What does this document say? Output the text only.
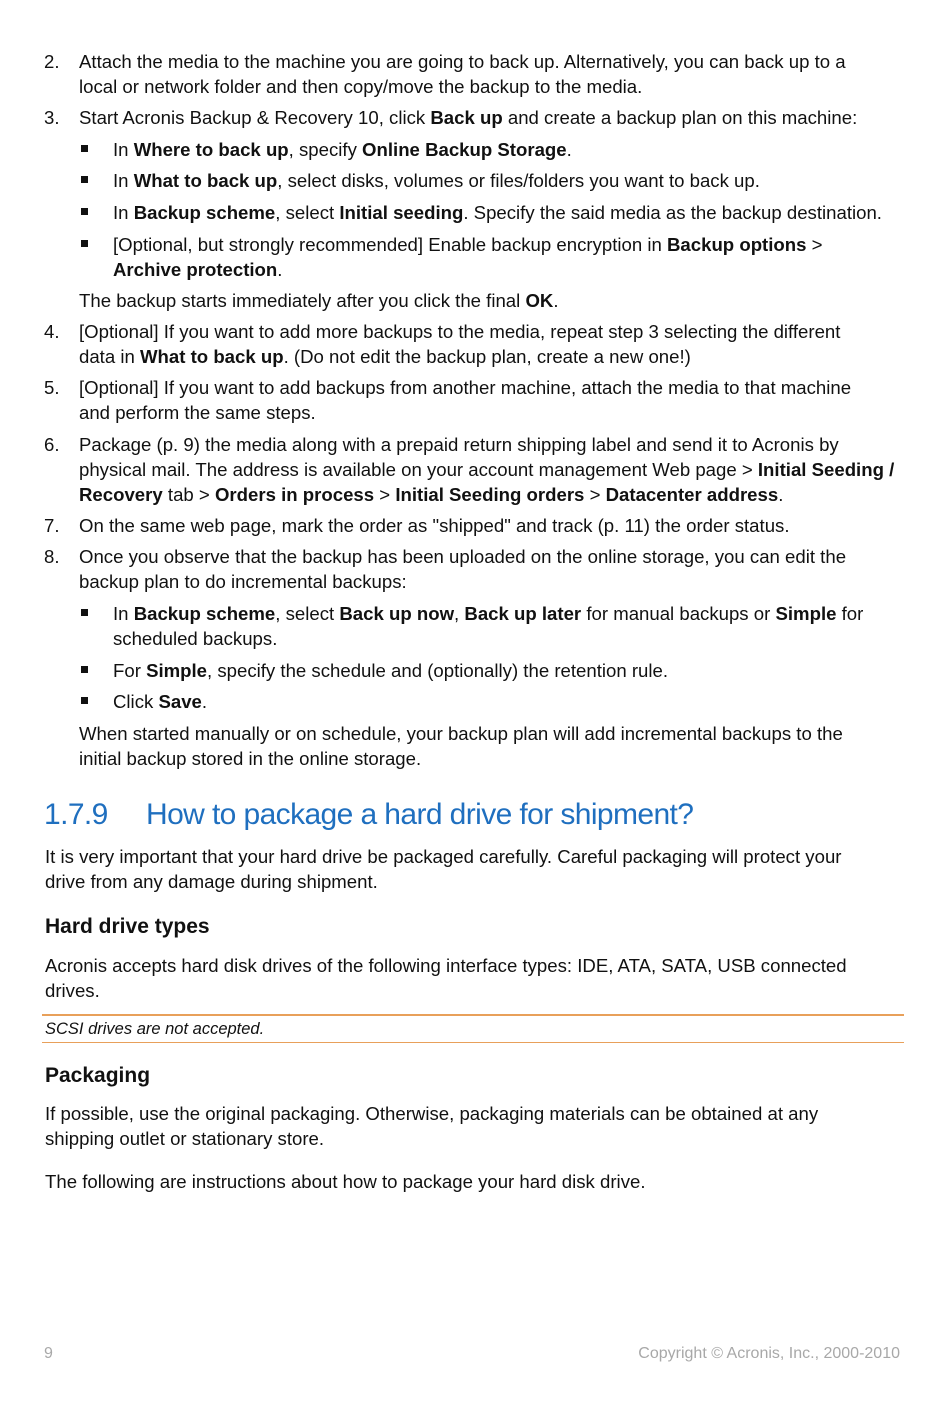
2. Attach the media to the machine you are going to back up. Alternatively, you can back up to a
local or network folder and then copy/move the backup to the media.
3. Start Acronis Backup & Recovery 10, click Back up and create a backup plan on this machine:
In Where to back up, specify Online Backup Storage.
In What to back up, select disks, volumes or files/folders you want to back up.
In Backup scheme, select Initial seeding. Specify the said media as the backup destination.
[Optional, but strongly recommended] Enable backup encryption in Backup options >
Archive protection.
The backup starts immediately after you click the final OK.
4. [Optional] If you want to add more backups to the media, repeat step 3 selecting the different
data in What to back up. (Do not edit the backup plan, create a new one!)
5. [Optional] If you want to add backups from another machine, attach the media to that machine
and perform the same steps.
6. Package (p. 9) the media along with a prepaid return shipping label and send it to Acronis by
physical mail. The address is available on your account management Web page > Initial Seeding /
Recovery tab > Orders in process > Initial Seeding orders > Datacenter address.
7. On the same web page, mark the order as "shipped" and track (p. 11) the order status.
8. Once you observe that the backup has been uploaded on the online storage, you can edit the
backup plan to do incremental backups:
In Backup scheme, select Back up now, Back up later for manual backups or Simple for
scheduled backups.
For Simple, specify the schedule and (optionally) the retention rule.
Click Save.
When started manually or on schedule, your backup plan will add incremental backups to the
initial backup stored in the online storage.
1.7.9 How to package a hard drive for shipment?
It is very important that your hard drive be packaged carefully. Careful packaging will protect your
drive from any damage during shipment.
Hard drive types
Acronis accepts hard disk drives of the following interface types: IDE, ATA, SATA, USB connected
drives.
SCSI drives are not accepted.
Packaging
If possible, use the original packaging. Otherwise, packaging materials can be obtained at any
shipping outlet or stationary store.
The following are instructions about how to package your hard disk drive.
9	Copyright © Acronis, Inc., 2000-2010
